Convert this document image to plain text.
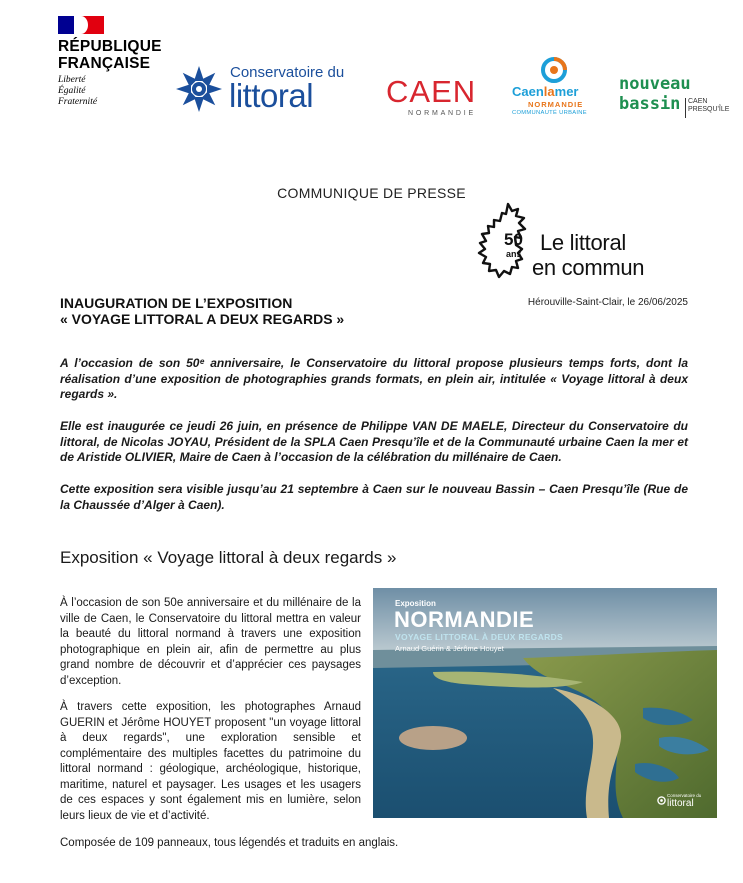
RÉPUBLIQUE
FRANÇAISE
Liberté
Égalité
Fraternité
Conservatoire du
littoral CAEN
NORMANDIE
Caenlamer
NORMANDIE
COMMUNAUTÉ URBAINE
nouveau
bassin CAEN
PRESQU'ÎLE
COMMUNIQUE DE PRESSE
50
ans Le littoral
en commun
INAUGURATION DE L’EXPOSITION
« VOYAGE LITTORAL A DEUX REGARDS »
Hérouville-Saint-Clair, le 26/06/2025
A l’occasion de son 50ᵉ anniversaire, le Conservatoire du littoral propose plusieurs temps forts, dont la réalisation d’une exposition de photographies grands formats, en plein air, intitulée « Voyage littoral à deux regards ».
Elle est inaugurée ce jeudi 26 juin, en présence de Philippe VAN DE MAELE, Directeur du Conservatoire du littoral, de Nicolas JOYAU, Président de la SPLA Caen Presqu’île et de la Communauté urbaine Caen la mer et de Aristide OLIVIER, Maire de Caen à l’occasion de la célébration du millénaire de Caen.
Cette exposition sera visible jusqu’au 21 septembre à Caen sur le nouveau Bassin – Caen Presqu’île (Rue de la Chaussée d’Alger à Caen).
Exposition « Voyage littoral à deux regards »
À l’occasion de son 50e anniversaire et du millénaire de la ville de Caen, le Conservatoire du littoral mettra en valeur la beauté du littoral normand à travers une exposition photographique en plein air, afin de permettre au plus grand nombre de découvrir et d’apprécier ces paysages d’exception.
À travers cette exposition, les photographes Arnaud GUERIN et Jérôme HOUYET proposent "un voyage littoral à deux regards", une exploration sensible et complémentaire des multiples facettes du patrimoine du littoral normand : géologique, archéologique, historique, maritime, naturel et paysager. Les usages et les usagers de ces espaces y sont également mis en lumière, selon leurs lieux de vie et d’activité.
Composée de 109 panneaux, tous légendés et traduits en anglais.
Exposition
NORMANDIE
VOYAGE LITTORAL À DEUX REGARDS
Arnaud Guérin & Jérôme Houyet
Conservatoire du
littoral
